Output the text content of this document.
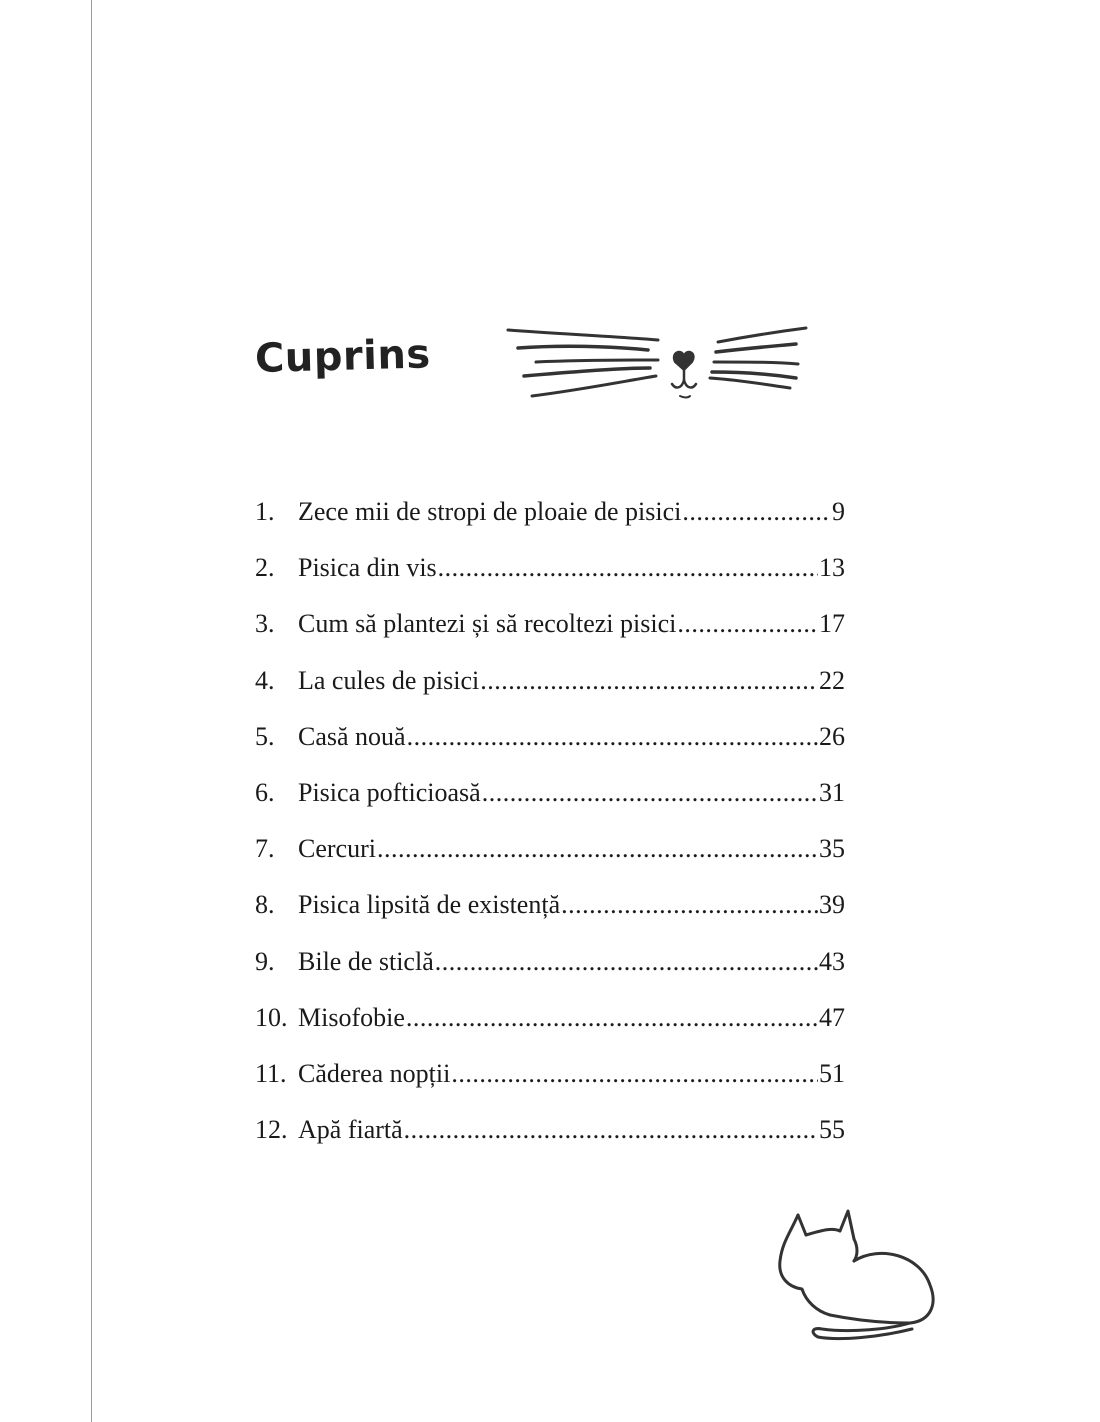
Cuprins
1. Zece mii de stropi de ploaie de pisici .....	9
2. Pisica din vis .....	13
3. Cum să plantezi și să recoltezi pisici .....	17
4. La cules de pisici .....	22
5. Casă nouă .....	26
6. Pisica pofticioasă .....	31
7. Cercuri .....	35
8. Pisica lipsită de existență .....	39
9. Bile de sticlă .....	43
10. Misofobie .....	47
11. Căderea nopții .....	51
12. Apă fiartă .....	55
